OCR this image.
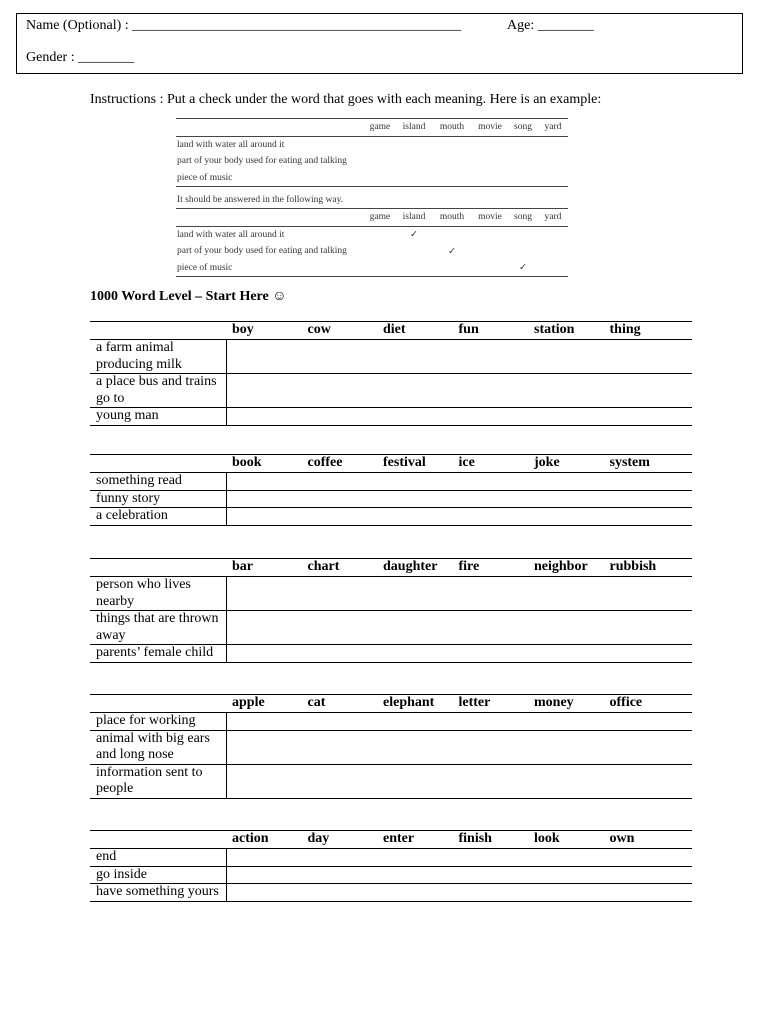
Name (Optional) : _______________________________________________	Age: ________
Gender : ________
Instructions : Put a check under the word that goes with each meaning. Here is an example:
	game	island	mouth	movie	song	yard
land with water all around it						
part of your body used for eating and talking						
piece of music						
It should be answered in the following way.
	game	island	mouth	movie	song	yard
land with water all around it		✓				
part of your body used for eating and talking			✓			
piece of music					✓	
1000 Word Level – Start Here ☺
	boy	cow	diet	fun	station	thing
a farm animal producing milk						
a place bus and trains go to						
young man						
	book	coffee	festival	ice	joke	system
something read						
funny story						
a celebration						
	bar	chart	daughter	fire	neighbor	rubbish
person who lives nearby						
things that are thrown away						
parents’ female child						
	apple	cat	elephant	letter	money	office
place for working						
animal with big ears and long nose						
information sent to people						
	action	day	enter	finish	look	own
end						
go inside						
have something yours						
